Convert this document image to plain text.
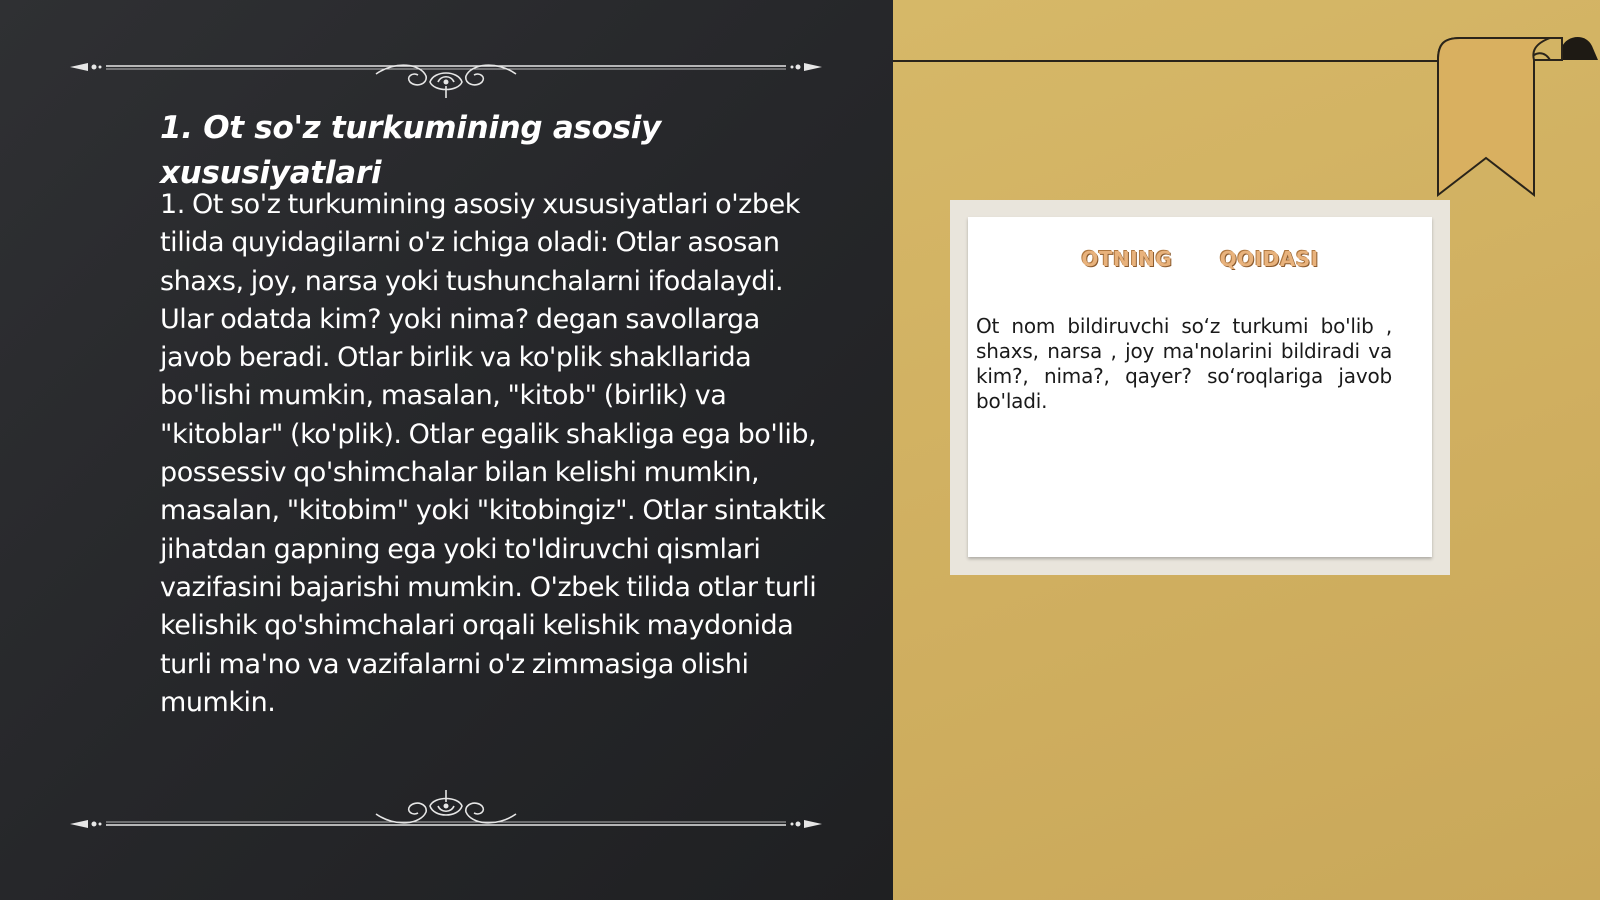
1. Ot so'z turkumining asosiy xususiyatlari

1. Ot so'z turkumining asosiy xususiyatlari o'zbek tilida quyidagilarni o'z ichiga oladi: Otlar asosan shaxs, joy, narsa yoki tushunchalarni ifodalaydi. Ular odatda kim? yoki nima? degan savollarga javob beradi. Otlar birlik va ko'plik shakllarida bo'lishi mumkin, masalan, "kitob" (birlik) va "kitoblar" (ko'plik). Otlar egalik shakliga ega bo'lib, possessiv qo'shimchalar bilan kelishi mumkin, masalan, "kitobim" yoki "kitobingiz". Otlar sintaktik jihatdan gapning ega yoki to'ldiruvchi qismlari vazifasini bajarishi mumkin. O'zbek tilida otlar turli kelishik qo'shimchalari orqali kelishik maydonida turli ma'no va vazifalarni o'z zimmasiga olishi mumkin.

OTNING QOIDASI

Ot nom bildiruvchi so‘z turkumi bo'lib , shaxs, narsa , joy ma'nolarini bildiradi va kim?, nima?, qayer? so‘roqlariga javob bo'ladi.
